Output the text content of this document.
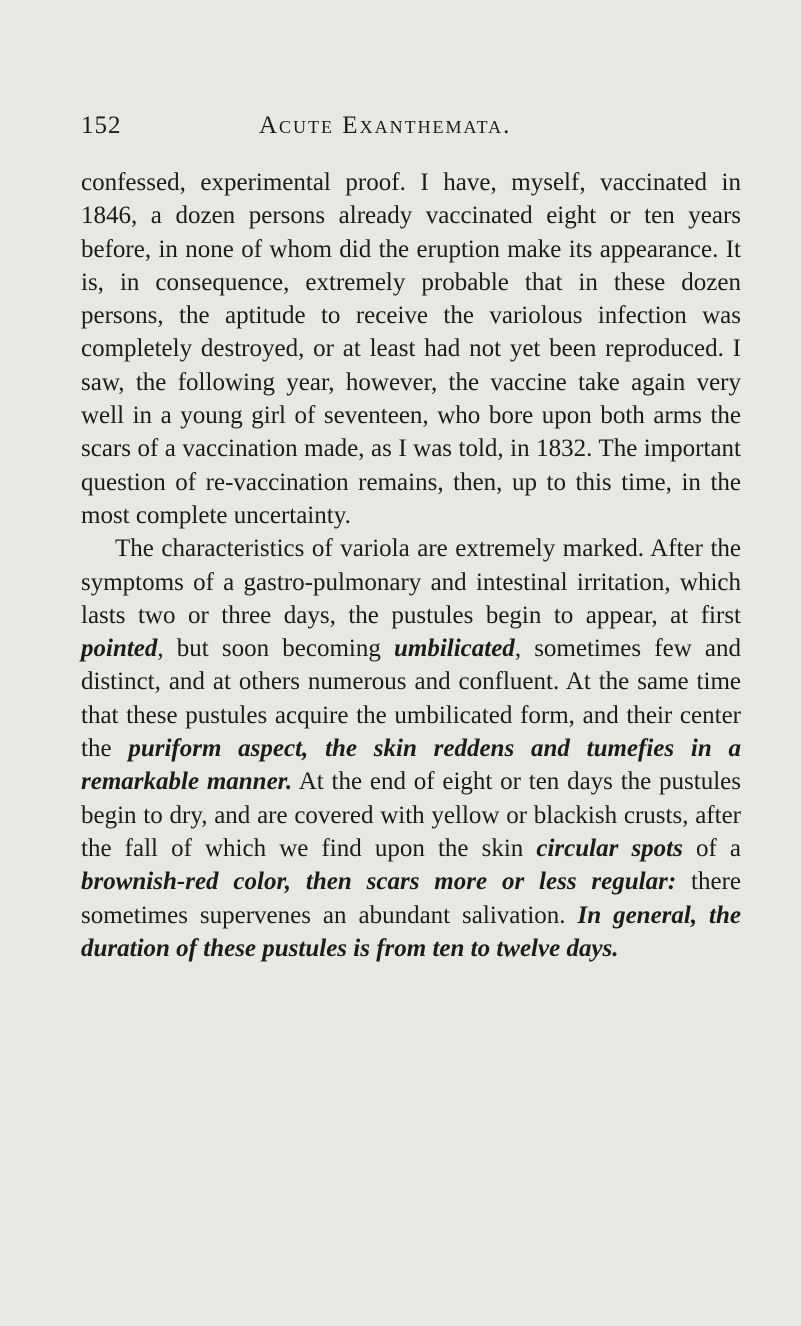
152	Acute Exanthemata.

confessed, experimental proof. I have, myself, vaccinated in 1846, a dozen persons already vaccinated eight or ten years before, in none of whom did the eruption make its appearance. It is, in consequence, extremely probable that in these dozen persons, the aptitude to receive the variolous infection was completely destroyed, or at least had not yet been reproduced. I saw, the following year, however, the vaccine take again very well in a young girl of seventeen, who bore upon both arms the scars of a vaccination made, as I was told, in 1832. The important question of re-vaccination remains, then, up to this time, in the most complete uncertainty.

The characteristics of variola are extremely marked. After the symptoms of a gastro-pulmonary and intestinal irritation, which lasts two or three days, the pustules begin to appear, at first pointed, but soon becoming umbilicated, sometimes few and distinct, and at others numerous and confluent. At the same time that these pustules acquire the umbilicated form, and their center the puriform aspect, the skin reddens and tumefies in a remarkable manner. At the end of eight or ten days the pustules begin to dry, and are covered with yellow or blackish crusts, after the fall of which we find upon the skin circular spots of a brownish-red color, then scars more or less regular: there sometimes supervenes an abundant salivation. In general, the duration of these pustules is from ten to twelve days.
